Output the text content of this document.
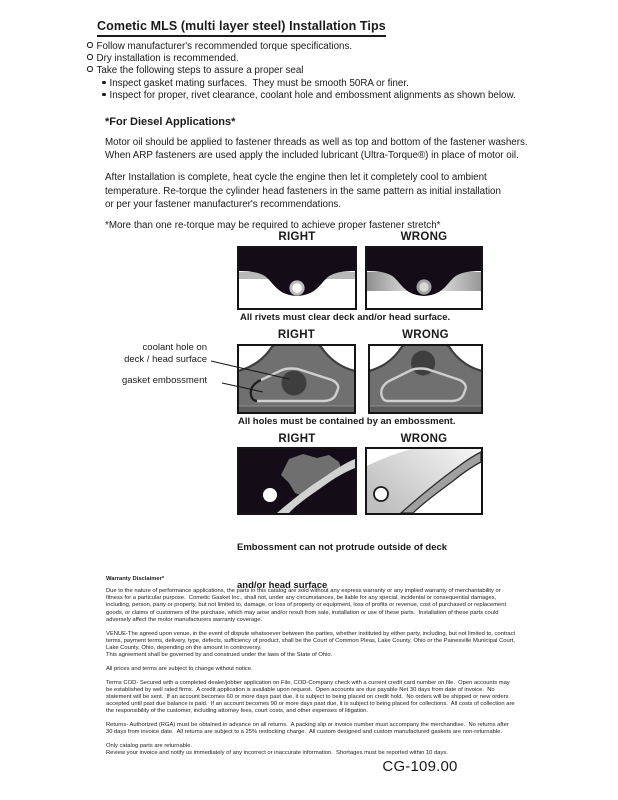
Cometic MLS (multi layer steel) Installation Tips
Follow manufacturer's recommended torque specifications.
Dry installation is recommended.
Take the following steps to assure a proper seal
Inspect gasket mating surfaces.  They must be smooth 50RA or finer.
Inspect for proper, rivet clearance, coolant hole and embossment alignments as shown below.
*For Diesel Applications*
Motor oil should be applied to fastener threads as well as top and bottom of the fastener washers.
When ARP fasteners are used apply the included lubricant (Ultra-Torque®) in place of motor oil.
After Installation is complete, heat cycle the engine then let it completely cool to ambient
temperature. Re-torque the cylinder head fasteners in the same pattern as initial installation
or per your fastener manufacturer's recommendations.
*More than one re-torque may be required to achieve proper fastener stretch*
RIGHT	WRONG
All rivets must clear deck and/or head surface.
RIGHT	WRONG
coolant hole on
deck / head surface
gasket embossment
All holes must be contained by an embossment.
RIGHT	WRONG

Embossment can not protrude outside of deck

and/or head surface

Warranty Disclaimer*

Due to the nature of performance applications, the parts in this catalog are sold without any express warranty or any implied warranty of merchantability or fitness for a particular purpose.  Cometic Gasket Inc., shall not, under any circumstances, be liable for any special, incidental or consequential damages, including, person, party or property, but not limited to, damage, or loss of property or equipment, loss of profits or revenue, cost of purchased or replacement goods, or claims of customers of the purchase, which may arise and/or result from sale, installation or use of these parts.  Installation of these parts could adversely affect the motor manufacturers warranty coverage.

VENUE-The agreed upon venue, in the event of dispute whatsoever between the parties, whether instituted by either party, including, but not limited to, contract terms, payment terms, delivery, type, defects, sufficiency of product, shall be the Court of Common Pleas, Lake County, Ohio or the Painesville Municipal Court, Lake County, Ohio, depending on the amount in controversy.

This agreement shall be governed by and construed under the laws of the State of Ohio.

All prices and terms are subject to change without notice.

Terms COD- Secured with a completed dealer/jobber application on File, COD-Company check with a current credit card number on file.  Open accounts may be established by well rated firms.  A credit application is available upon request.  Open accounts are due payable Net 30 days from date of invoice.  No statement will be sent.  If an account becomes 60 or more days past due, it is subject to being placed on credit hold.  No orders will be shipped or new orders accepted until past due balance is paid.  If an account becomes 90 or more days past due, it is subject to being placed for collections.  All costs of collection are the responsibility of the customer, including attorney fees, court costs, and other expenses of litigation.

Returns- Authorized (RGA) must be obtained in advance on all returns.  A packing slip or invoice number must accompany the merchandise.  No returns after 30 days from invoice date.  All returns are subject to a 25% restocking charge.  All custom designed and custom manufactured gaskets are non-returnable.

Only catalog parts are returnable.

Review your invoice and notify us immediately of any incorrect or inaccurate information.  Shortages must be reported within 10 days.

CG-109.00
